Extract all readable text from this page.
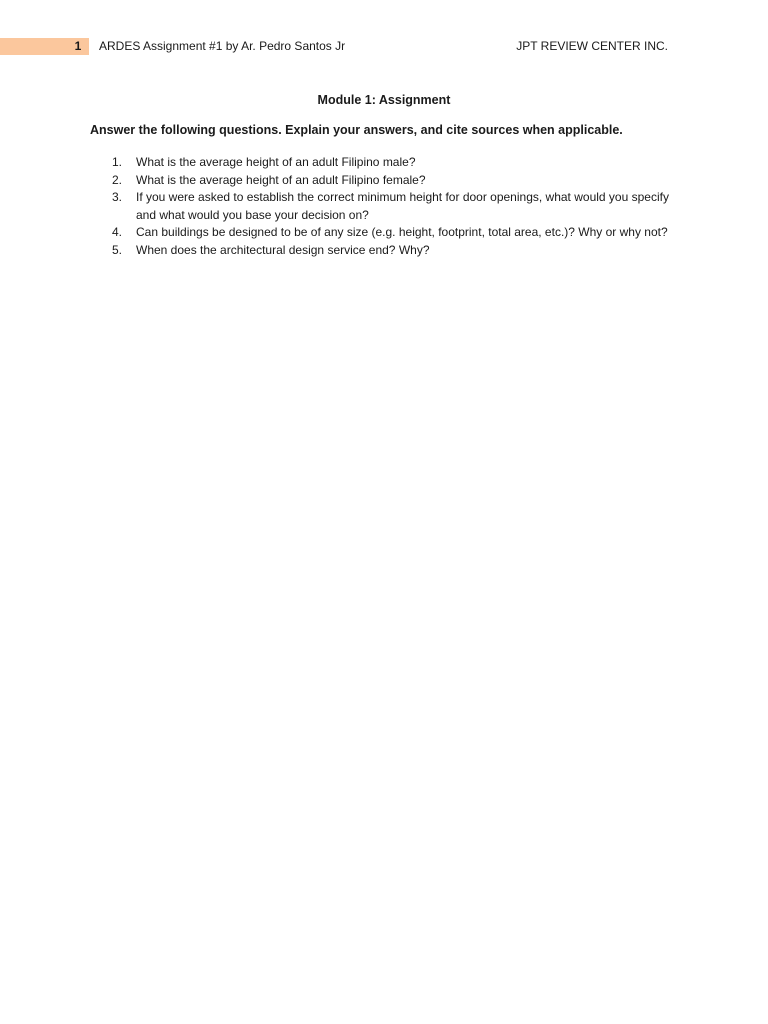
1	ARDES Assignment #1 by Ar. Pedro Santos Jr	JPT REVIEW CENTER INC.
Module 1: Assignment
Answer the following questions. Explain your answers, and cite sources when applicable.
1. What is the average height of an adult Filipino male?
2. What is the average height of an adult Filipino female?
3. If you were asked to establish the correct minimum height for door openings, what would you specify and what would you base your decision on?
4. Can buildings be designed to be of any size (e.g. height, footprint, total area, etc.)? Why or why not?
5. When does the architectural design service end? Why?
